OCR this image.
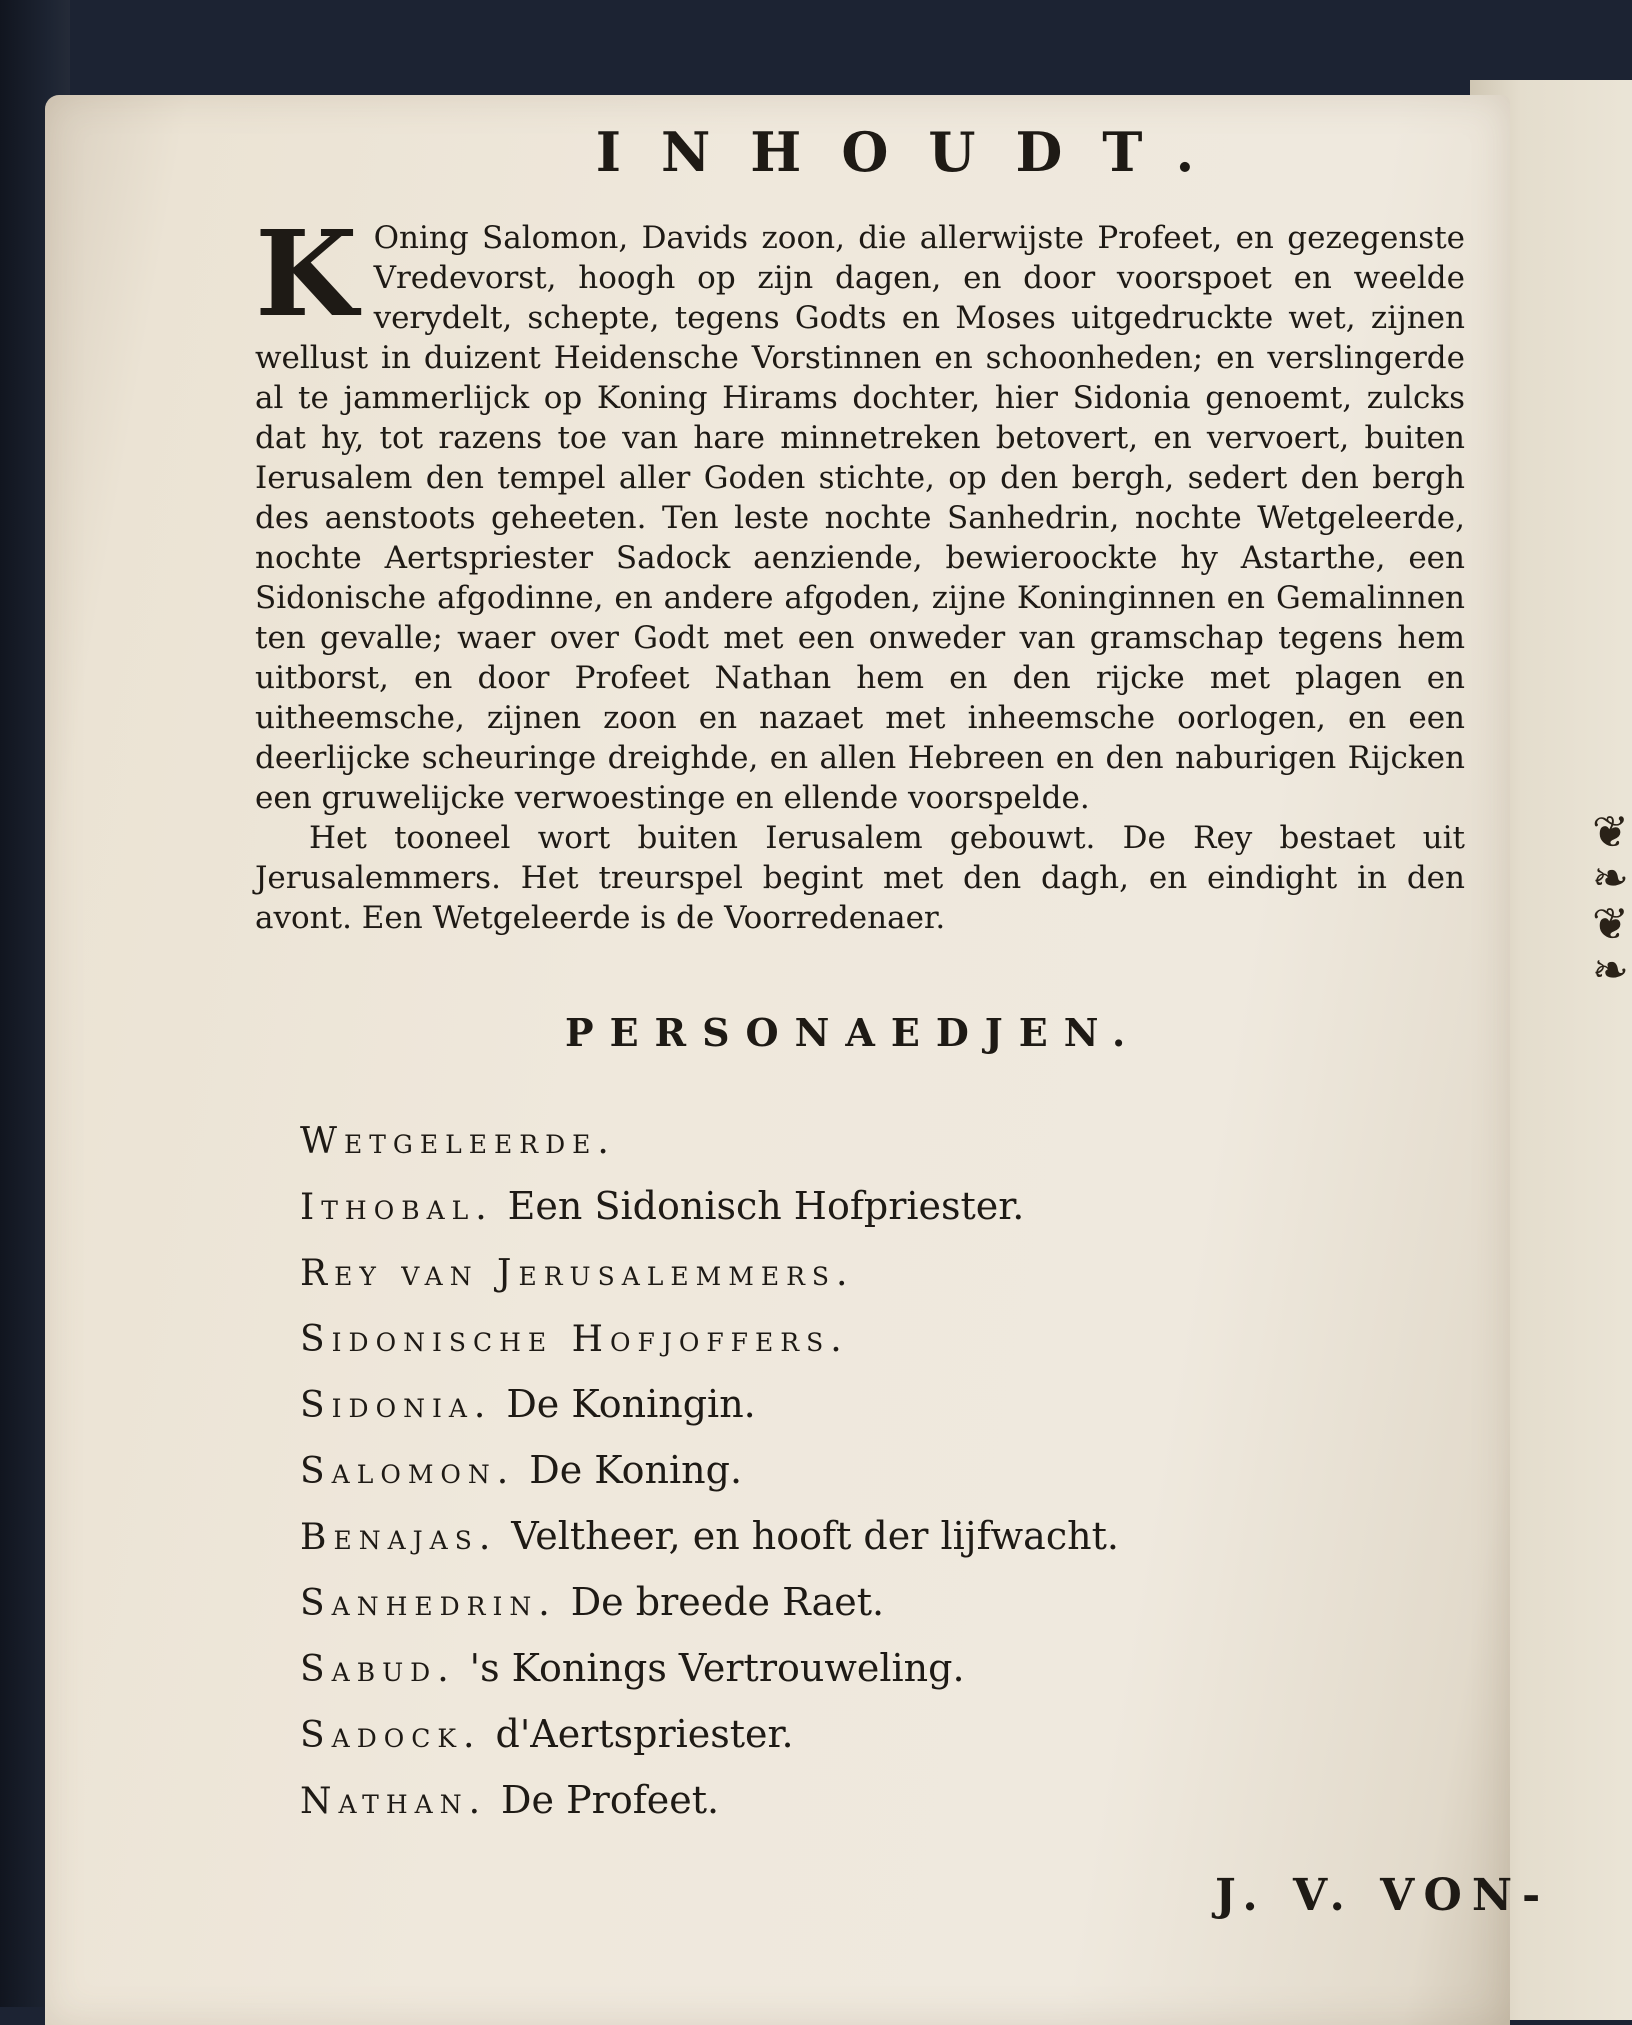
❦
❧
❦
❧
INHOUDT.
K Oning Salomon, Davids zoon, die allerwijste Profeet, en gezegenste Vredevorst, hoogh op zijn dagen, en door voorspoet en weelde verydelt, schepte, tegens Godts en Moses uitgedruckte wet, zijnen wellust in duizent Heidensche Vorstinnen en schoonheden; en verslingerde al te jammerlijck op Koning Hirams dochter, hier Sidonia genoemt, zulcks dat hy, tot razens toe van hare minnetreken betovert, en vervoert, buiten Ierusalem den tempel aller Goden stichte, op den bergh, sedert den bergh des aenstoots geheeten. Ten leste nochte Sanhedrin, nochte Wetgeleerde, nochte Aertspriester Sadock aenziende, bewieroockte hy Astarthe, een Sidonische afgodinne, en andere afgoden, zijne Koninginnen en Gemalinnen ten gevalle; waer over Godt met een onweder van gramschap tegens hem uitborst, en door Profeet Nathan hem en den rijcke met plagen en uitheemsche, zijnen zoon en nazaet met inheemsche oorlogen, en een deerlijcke scheuringe dreighde, en allen Hebreen en den naburigen Rijcken een gruwelijcke verwoestinge en ellende voorspelde.

Het tooneel wort buiten Ierusalem gebouwt. De Rey bestaet uit Jerusalemmers. Het treurspel begint met den dagh, en eindight in den avont. Een Wetgeleerde is de Voorredenaer.

PERSONAEDJEN.
Wetgeleerde.
Ithobal. Een Sidonisch Hofpriester.
Rey van Jerusalemmers.
Sidonische Hofjoffers.
Sidonia. De Koningin.
Salomon. De Koning.
Benajas. Veltheer, en hooft der lijfwacht.
Sanhedrin. De breede Raet.
Sabud. 's Konings Vertrouweling.
Sadock. d'Aertspriester.
Nathan. De Profeet.
J. V. VON-
